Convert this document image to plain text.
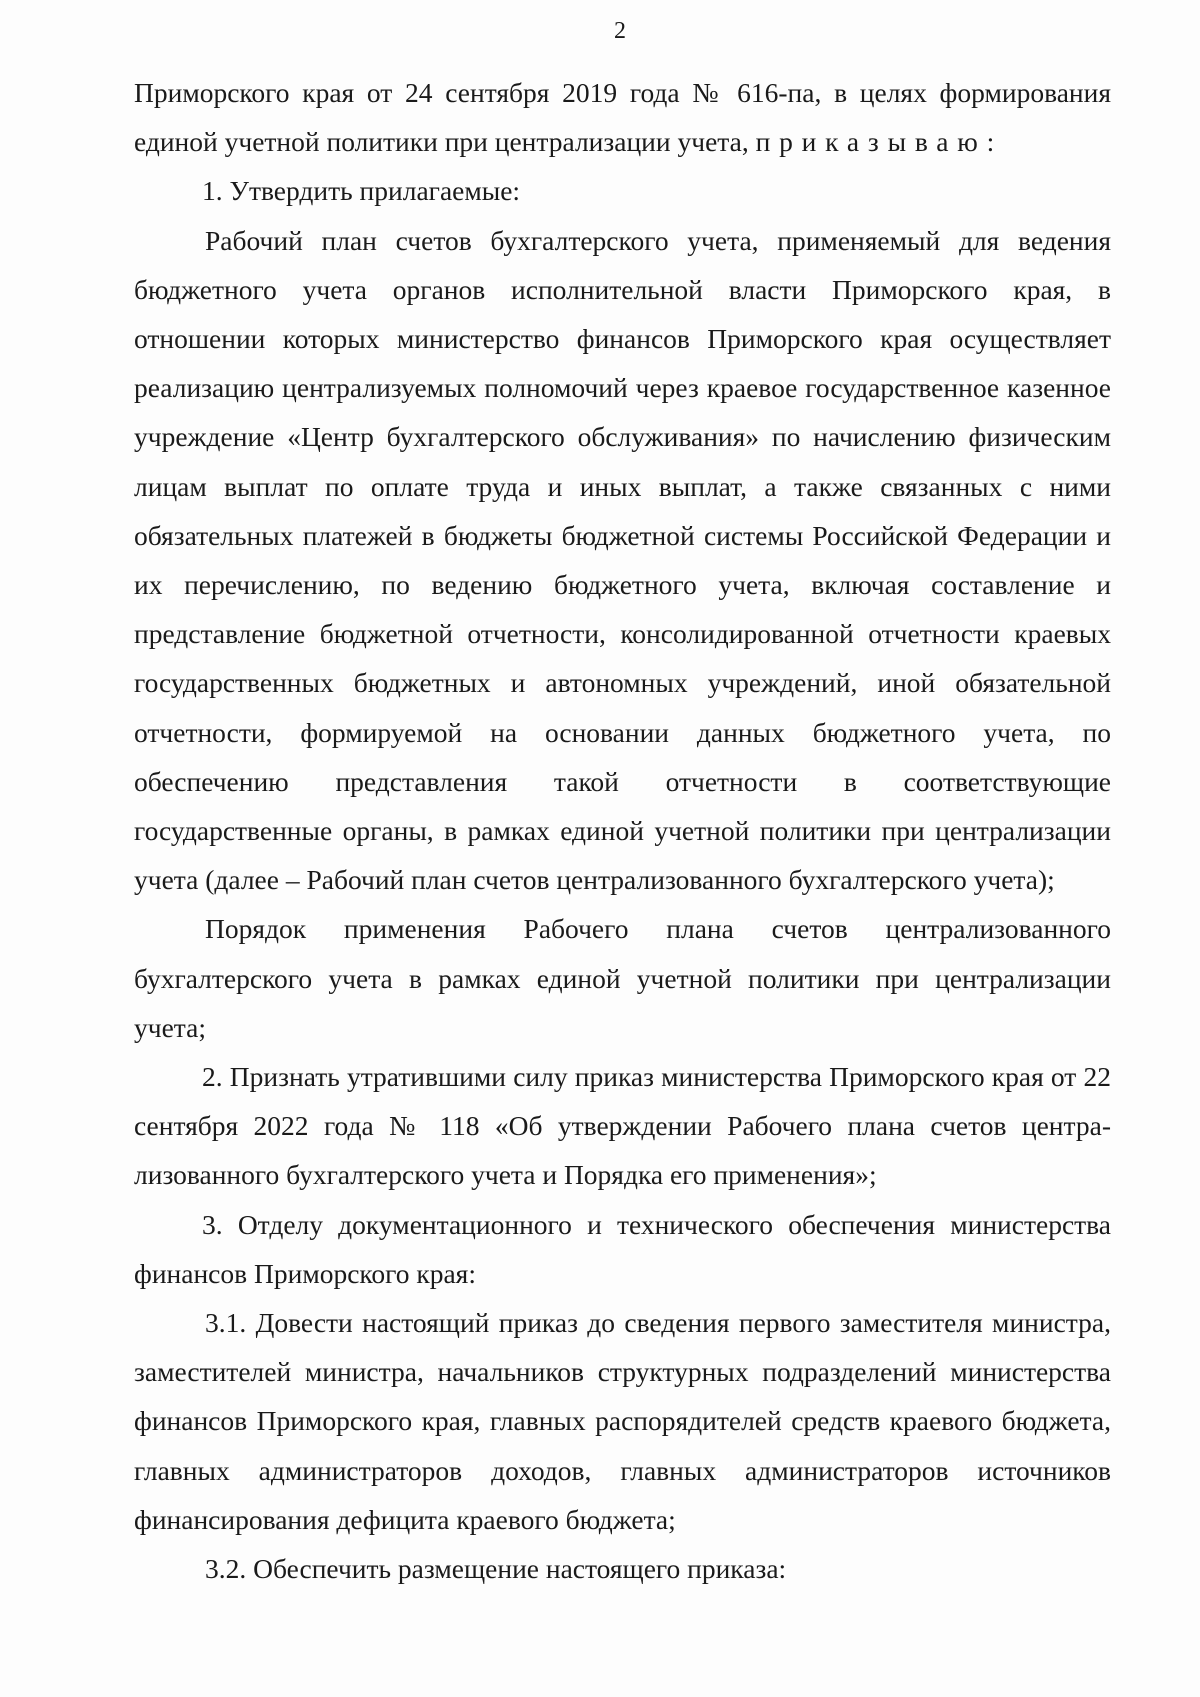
2

Приморского края от 24 сентября 2019 года № 616-па, в целях формирования единой учетной политики при централизации учета, приказываю:

1. Утвердить прилагаемые:

Рабочий план счетов бухгалтерского учета, применяемый для ведения бюджетного учета органов исполнительной власти Приморского края, в отношении которых министерство финансов Приморского края осуществляет реализацию централизуемых полномочий через краевое государственное казенное учреждение «Центр бухгалтерского обслуживания» по начислению физическим лицам выплат по оплате труда и иных выплат, а также связанных с ними обязательных платежей в бюджеты бюджетной системы Российской Федерации и их перечислению, по ведению бюджетного учета, включая составление и представление бюджетной отчетности, консолидированной отчетности краевых государственных бюджетных и автономных учреждений, иной обязательной отчетности, формируемой на основании данных бюджетного учета, по обеспечению представления такой отчетности в соответствующие государственные органы, в рамках единой учетной политики при централизации учета (далее – Рабочий план счетов централизованного бухгалтерского учета);

Порядок применения Рабочего плана счетов централизованного бухгалтерского учета в рамках единой учетной политики при централизации учета;

2. Признать утратившими силу приказ министерства Приморского края от 22 сентября 2022 года № 118 «Об утверждении Рабочего плана счетов центра-лизованного бухгалтерского учета и Порядка его применения»;

3. Отделу документационного и технического обеспечения министерства финансов Приморского края:

3.1. Довести настоящий приказ до сведения первого заместителя министра, заместителей министра, начальников структурных подразделений министерства финансов Приморского края, главных распорядителей средств краевого бюджета, главных администраторов доходов, главных администраторов источников финансирования дефицита краевого бюджета;

3.2. Обеспечить размещение настоящего приказа:
